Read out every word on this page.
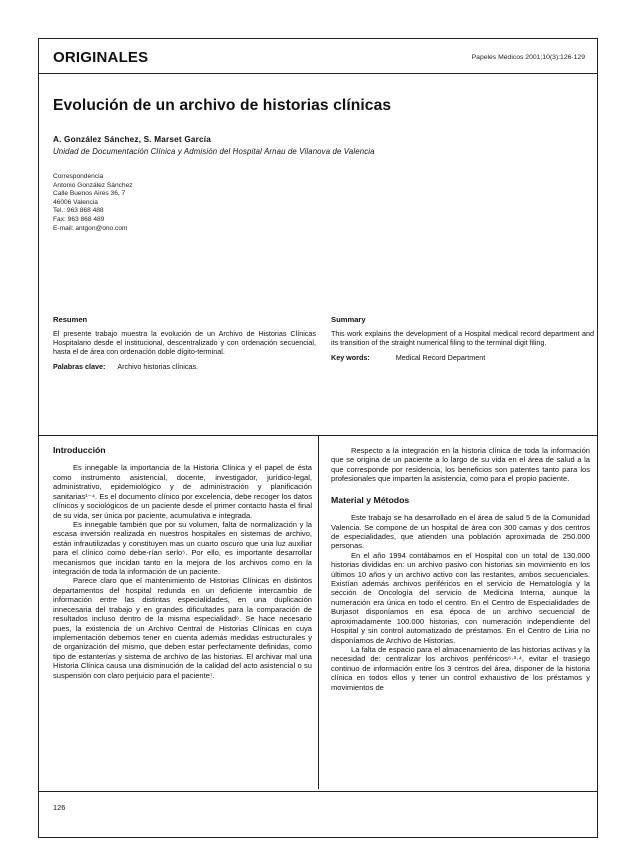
ORIGINALES	Papeles Médicos 2001;10(3):126-129
Evolución de un archivo de historias clínicas
A. González Sánchez, S. Marset García
Unidad de Documentación Clínica y Admisión del Hospital Arnau de Vilanova de Valencia
Correspondencia
Antonio González Sánchez
Calle Buenos Aires 36, 7
46006 Valencia
Tel.: 963 868 488
Fax: 963 868 489
E-mail: antgon@ono.com
Resumen
El presente trabajo muestra la evolución de un Archivo de Historias Clínicas Hospitalario desde el institucional, descentralizado y con ordenación secuencial, hasta el de área con ordenación doble dígito-terminal.
Palabras clave: Archivo historias clínicas.
Summary
This work explains the development of a Hospital medical record department and its transition of the straight numerical filing to the terminal digit filing.
Key words:	Medical Record Department
Introducción

Es innegable la importancia de la Historia Clínica y el papel de ésta como instrumento asistencial, docente, investigador, jurídico-legal, administrativo, epidemiológico y de administración y planificación sanitarias¹⁻⁴. Es el documento clínico por excelencia, debe recoger los datos clínicos y sociológicos de un paciente desde el primer contacto hasta el final de su vida, ser única por paciente, acumulativa e integrada.

Es innegable también que por su volumen, falta de normalización y la escasa inversión realizada en nuestros hospitales en sistemas de archivo, están infrautilizadas y constituyen mas un cuarto oscuro que una luz auxiliar para el clínico como debe-rían serlo⁵. Por ello, es importante desarrollar mecanismos que incidan tanto en la mejora de los archivos como en la integración de toda la información de un paciente.

Parece claro que el mantenimiento de Historias Clínicas en distintos departamentos del hospital redunda en un deficiente intercambio de información entre las distintas especialidades, en una duplicación innecesaria del trabajo y en grandes dificultades para la comparación de resultados incluso dentro de la misma especialidad⁶. Se hace necesario pues, la existencia de un Archivo Central de Historias Clínicas en cuya implementación debemos tener en cuenta además medidas estructurales y de organización del mismo, que deben estar perfectamente definidas, como tipo de estanterías y sistema de archivo de las historias. El archivar mal una Historia Clínica causa una disminución de la calidad del acto asistencial o su suspensión con claro perjuicio para el paciente⁷.

Respecto a la integración en la historia clínica de toda la información que se origina de un paciente a lo largo de su vida en el área de salud a la que corresponde por residencia, los beneficios son patentes tanto para los profesionales que imparten la asistencia, como para el propio paciente.

Material y Métodos

Este trabajo se ha desarrollado en el área de salud 5 de la Comunidad Valencia. Se compone de un hospital de área con 300 camas y dos centros de especialidades, que atienden una población aproximada de 250.000 personas.

En el año 1994 contábamos en el Hospital con un total de 130.000 historias divididas en: un archivo pasivo con historias sin movimiento en los últimos 10 años y un archivo activo con las restantes, ambos secuenciales. Existían además archivos periféricos en el servicio de Hematología y la sección de Oncología del servicio de Medicina Interna, aunque la numeración era única en todo el centro. En el Centro de Especialidades de Burjasot disponíamos en esa época de un archivo secuencial de aproximadamente 100.000 historias, con numeración independiente del Hospital y sin control automatizado de préstamos. En el Centro de Liria no disponíamos de Archivo de Historias.

La falta de espacio para el almacenamiento de las historias activas y la necesidad de: centralizar los archivos periféricos⁶·³·⁴, evitar el trasiego continuo de información entre los 3 centros del área, disponer de la historia clínica en todos ellos y tener un control exhaustivo de los préstamos y movimientos de

126
